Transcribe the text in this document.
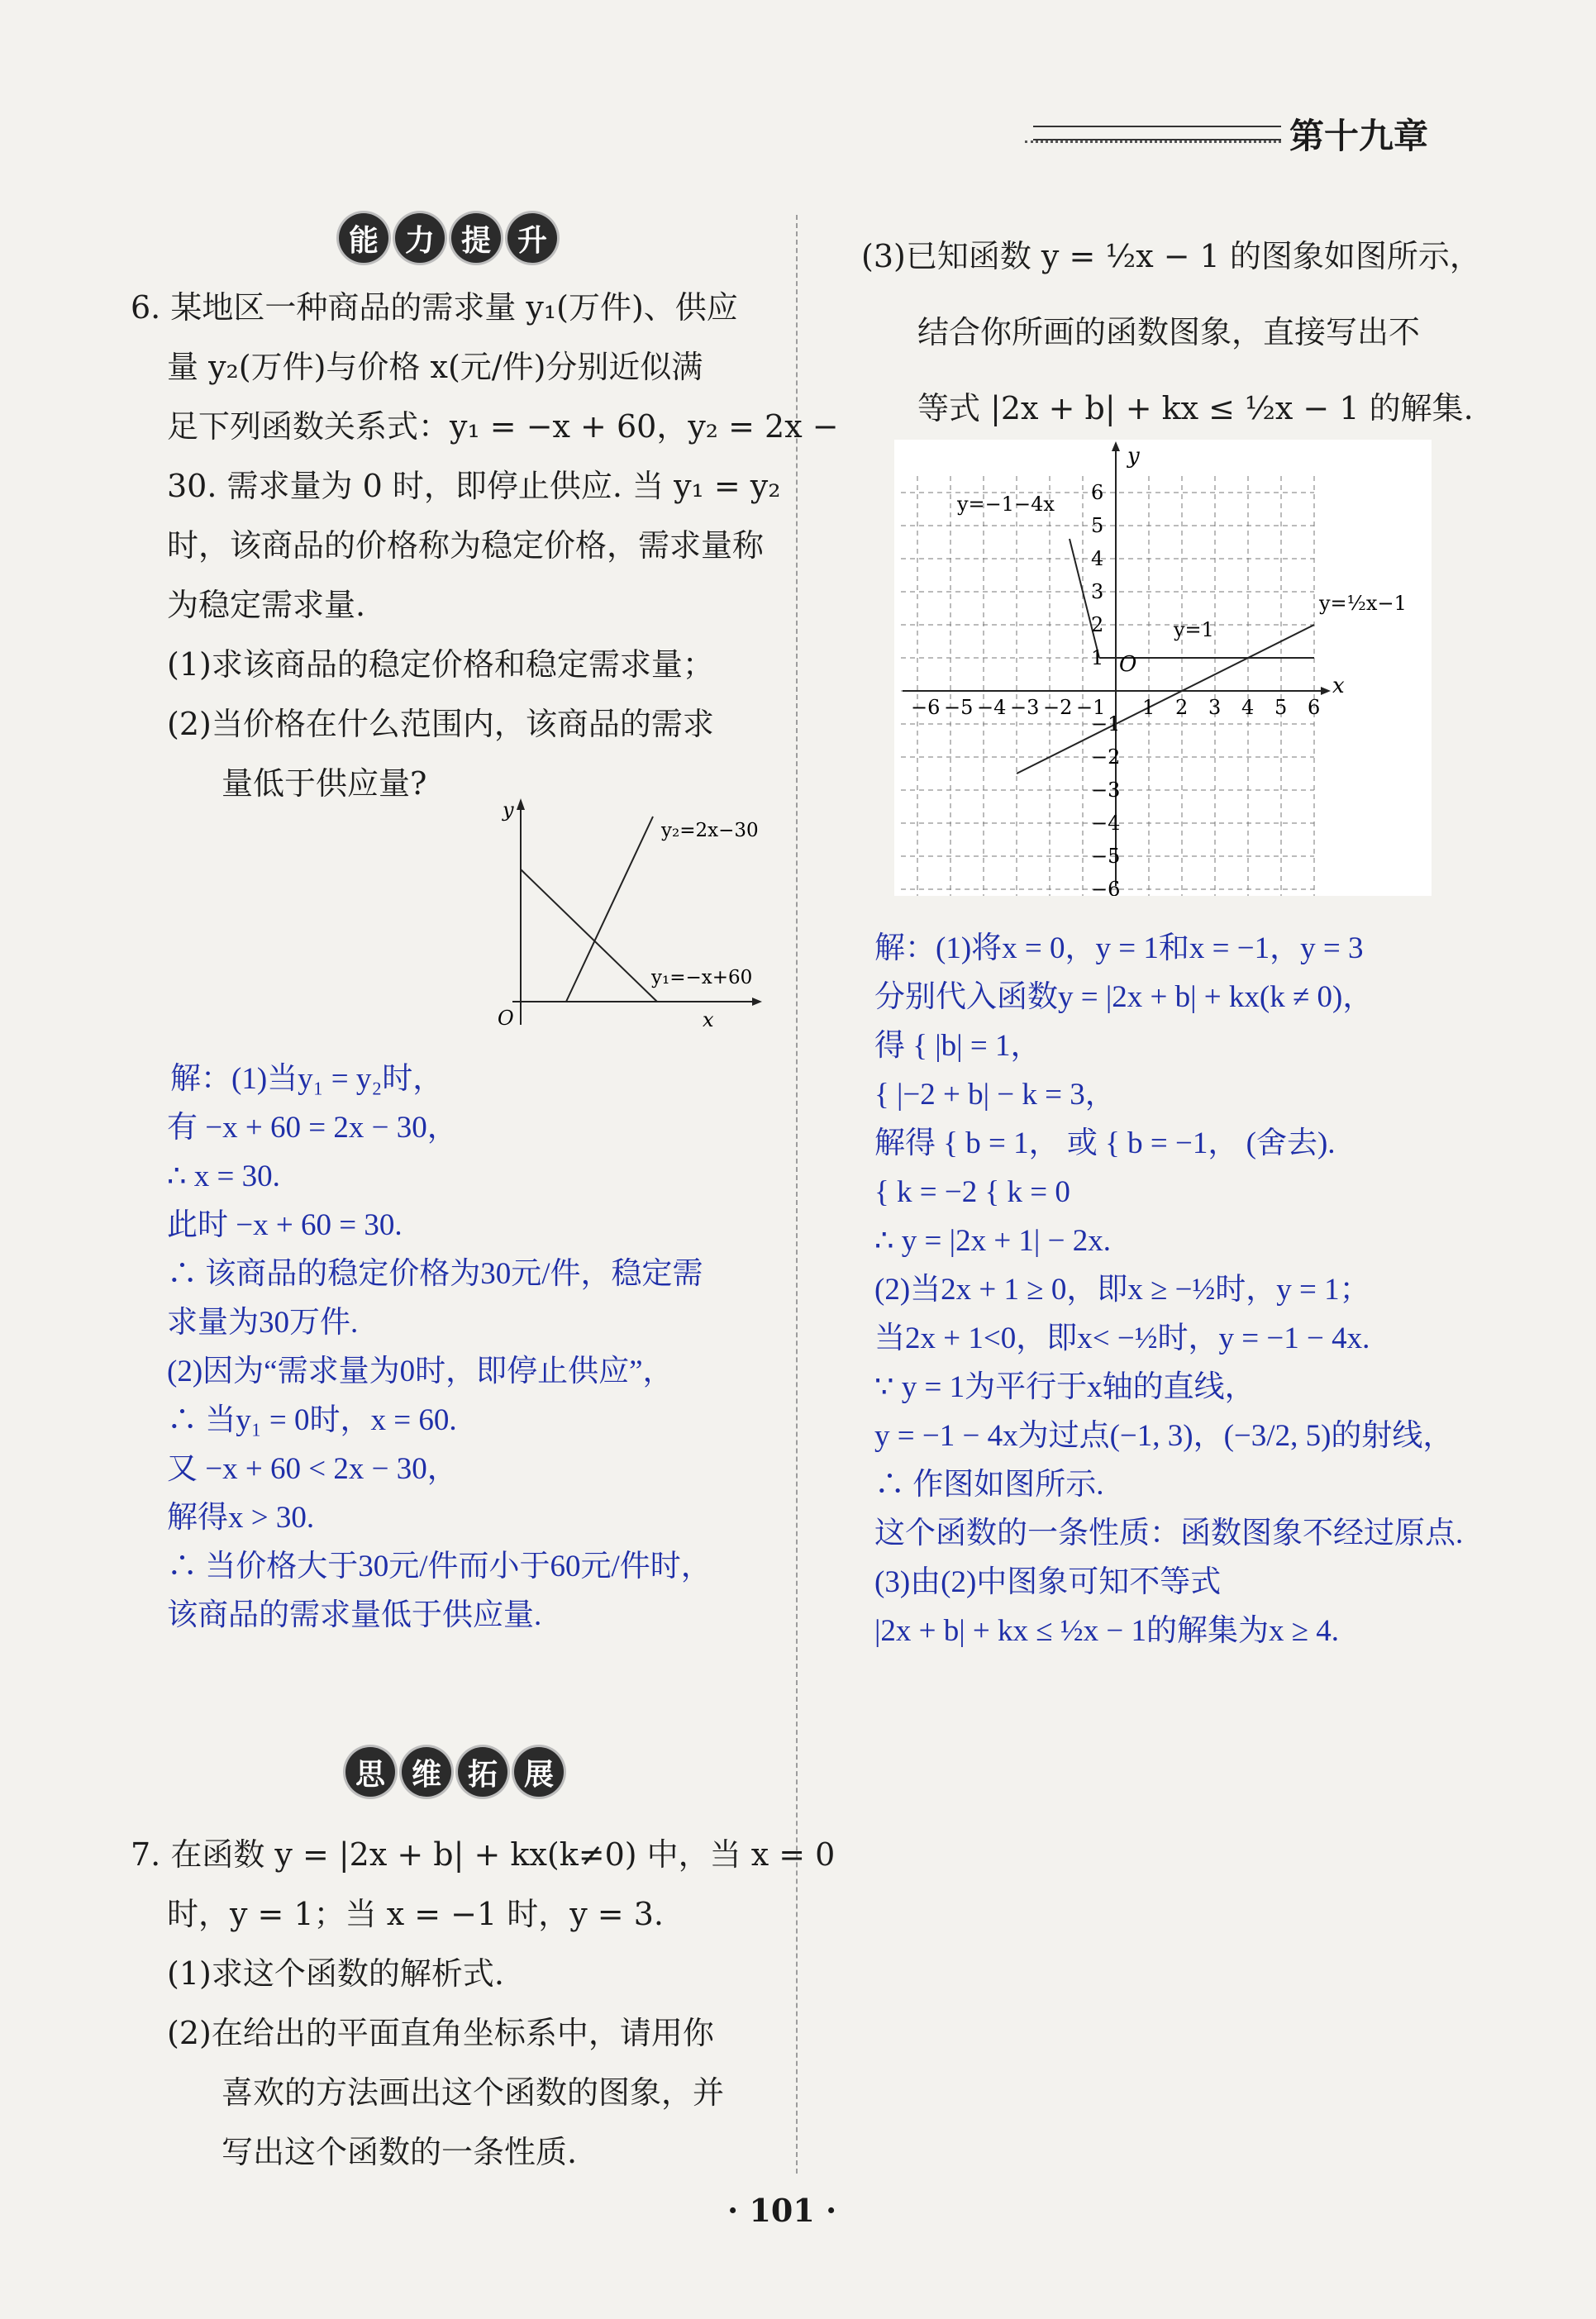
第十九章
能 力 提 升
6. 某地区一种商品的需求量 y₁(万件)、供应
量 y₂(万件)与价格 x(元/件)分别近似满
足下列函数关系式：y₁ = −x + 60，y₂ = 2x −
30. 需求量为 0 时，即停止供应. 当 y₁ = y₂
时，该商品的价格称为稳定价格，需求量称
为稳定需求量.
(1)求该商品的稳定价格和稳定需求量；
(2)当价格在什么范围内，该商品的需求
量低于供应量?
y
x
O
y₂=2x−30
y₁=−x+60
解：(1)当y₁ = y₂时，
有 −x + 60 = 2x − 30，
∴ x = 30.
此时 −x + 60 = 30.
∴ 该商品的稳定价格为30元/件，稳定需
求量为30万件.
(2)因为“需求量为0时，即停止供应”，
∴ 当y₁ = 0时，x = 60.
又 −x + 60 < 2x − 30，
解得x > 30.
∴ 当价格大于30元/件而小于60元/件时，
该商品的需求量低于供应量.
思 维 拓 展
7. 在函数 y = |2x + b| + kx(k≠0) 中，当 x = 0
时，y = 1；当 x = −1 时，y = 3.
(1)求这个函数的解析式.
(2)在给出的平面直角坐标系中，请用你
喜欢的方法画出这个函数的图象，并
写出这个函数的一条性质.
(3)已知函数 y = ½x − 1 的图象如图所示，
结合你所画的函数图象，直接写出不
等式 |2x + b| + kx ≤ ½x − 1 的解集.
−6 −5 −4 −3 −2 −1 1 2 3 4 5 6
6
5
4
3
2
1
−1
−2
−3
−4
−5
−6
y
x
O
y=−1−4x
y=1
y=½x−1
解：(1)将x = 0，y = 1和x = −1，y = 3
分别代入函数y = |2x + b| + kx(k ≠ 0)，
得 { |b| = 1，
{ |−2 + b| − k = 3，
解得 { b = 1， 或 { b = −1， (舍去).
{ k = −2 { k = 0
∴ y = |2x + 1| − 2x.
(2)当2x + 1 ≥ 0，即x ≥ −½时，y = 1；
当2x + 1<0，即x< −½时，y = −1 − 4x.
∵ y = 1为平行于x轴的直线，
y = −1 − 4x为过点(−1, 3)，(−3/2, 5)的射线，
∴ 作图如图所示.
这个函数的一条性质：函数图象不经过原点.
(3)由(2)中图象可知不等式
|2x + b| + kx ≤ ½x − 1的解集为x ≥ 4.
· 101 ·
